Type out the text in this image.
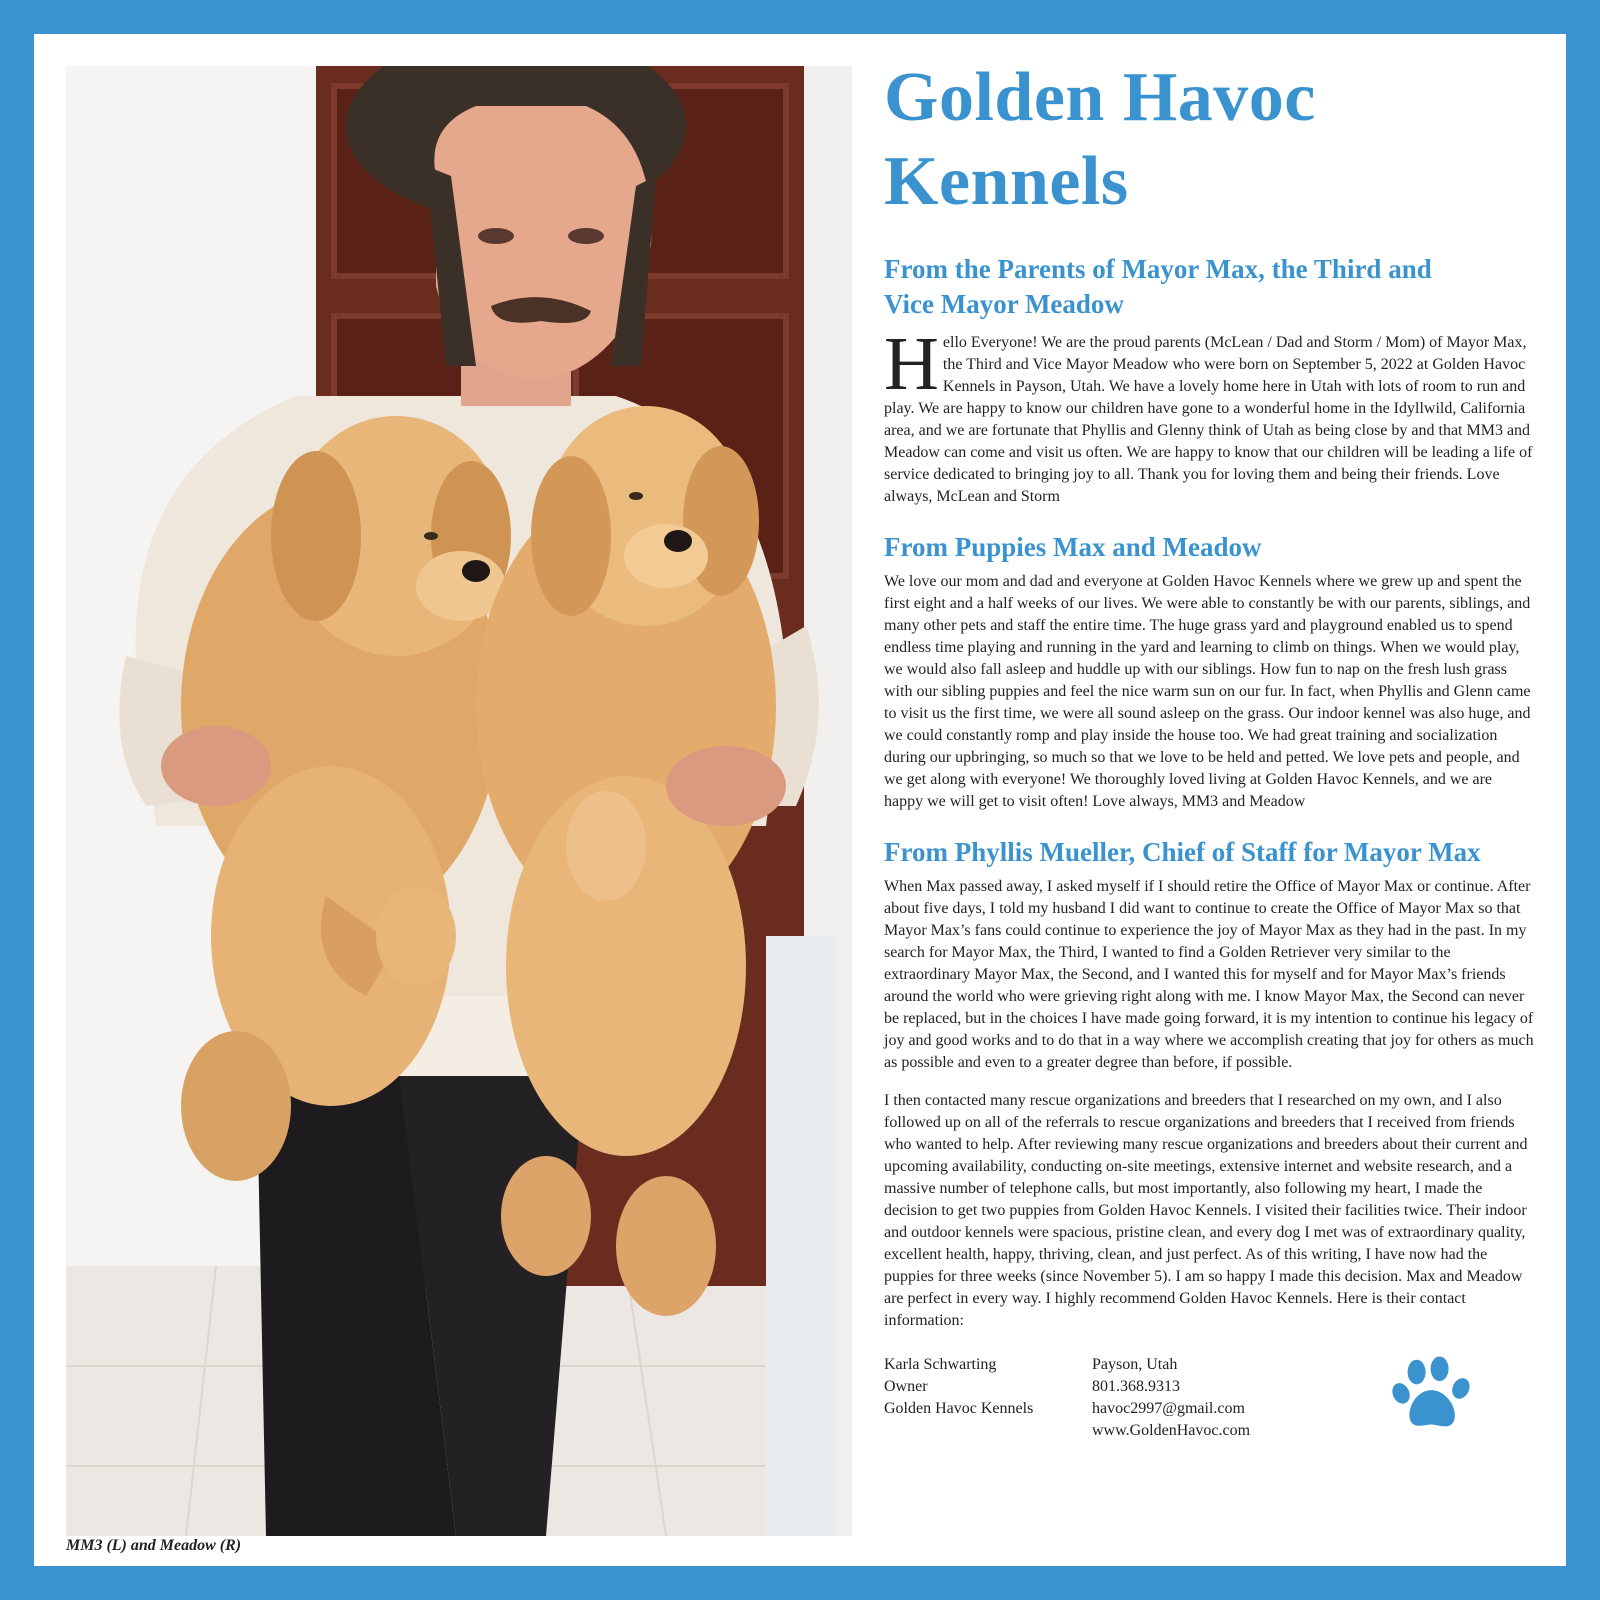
MM3 (L) and Meadow (R)
Golden Havoc
Kennels
From the Parents of Mayor Max, the Third and
Vice Mayor Meadow

Hello Everyone! We are the proud parents (McLean / Dad and Storm / Mom) of Mayor Max, the Third and Vice Mayor Meadow who were born on September 5, 2022 at Golden Havoc Kennels in Payson, Utah. We have a lovely home here in Utah with lots of room to run and play. We are happy to know our children have gone to a wonderful home in the Idyllwild, California area, and we are fortunate that Phyllis and Glenny think of Utah as being close by and that MM3 and Meadow can come and visit us often. We are happy to know that our children will be leading a life of service dedicated to bringing joy to all. Thank you for loving them and being their friends. Love always, McLean and Storm

From Puppies Max and Meadow

We love our mom and dad and everyone at Golden Havoc Kennels where we grew up and spent the first eight and a half weeks of our lives. We were able to constantly be with our parents, siblings, and many other pets and staff the entire time. The huge grass yard and playground enabled us to spend endless time playing and running in the yard and learning to climb on things. When we would play, we would also fall asleep and huddle up with our siblings. How fun to nap on the fresh lush grass with our sibling puppies and feel the nice warm sun on our fur. In fact, when Phyllis and Glenn came to visit us the first time, we were all sound asleep on the grass. Our indoor kennel was also huge, and we could constantly romp and play inside the house too. We had great training and socialization during our upbringing, so much so that we love to be held and petted. We love pets and people, and we get along with everyone! We thoroughly loved living at Golden Havoc Kennels, and we are happy we will get to visit often! Love always, MM3 and Meadow

From Phyllis Mueller, Chief of Staff for Mayor Max

When Max passed away, I asked myself if I should retire the Office of Mayor Max or continue. After about five days, I told my husband I did want to continue to create the Office of Mayor Max so that Mayor Max’s fans could continue to experience the joy of Mayor Max as they had in the past. In my search for Mayor Max, the Third, I wanted to find a Golden Retriever very similar to the extraordinary Mayor Max, the Second, and I wanted this for myself and for Mayor Max’s friends around the world who were grieving right along with me. I know Mayor Max, the Second can never be replaced, but in the choices I have made going forward, it is my intention to continue his legacy of joy and good works and to do that in a way where we accomplish creating that joy for others as much as possible and even to a greater degree than before, if possible.

I then contacted many rescue organizations and breeders that I researched on my own, and I also followed up on all of the referrals to rescue organizations and breeders that I received from friends who wanted to help. After reviewing many rescue organizations and breeders about their current and upcoming availability, conducting on-site meetings, extensive internet and website research, and a massive number of telephone calls, but most importantly, also following my heart, I made the decision to get two puppies from Golden Havoc Kennels. I visited their facilities twice. Their indoor and outdoor kennels were spacious, pristine clean, and every dog I met was of extraordinary quality, excellent health, happy, thriving, clean, and just perfect. As of this writing, I have now had the puppies for three weeks (since November 5). I am so happy I made this decision. Max and Meadow are perfect in every way. I highly recommend Golden Havoc Kennels. Here is their contact information:

Karla Schwarting
Owner
Golden Havoc Kennels
Payson, Utah
801.368.9313
havoc2997@gmail.com
www.GoldenHavoc.com
